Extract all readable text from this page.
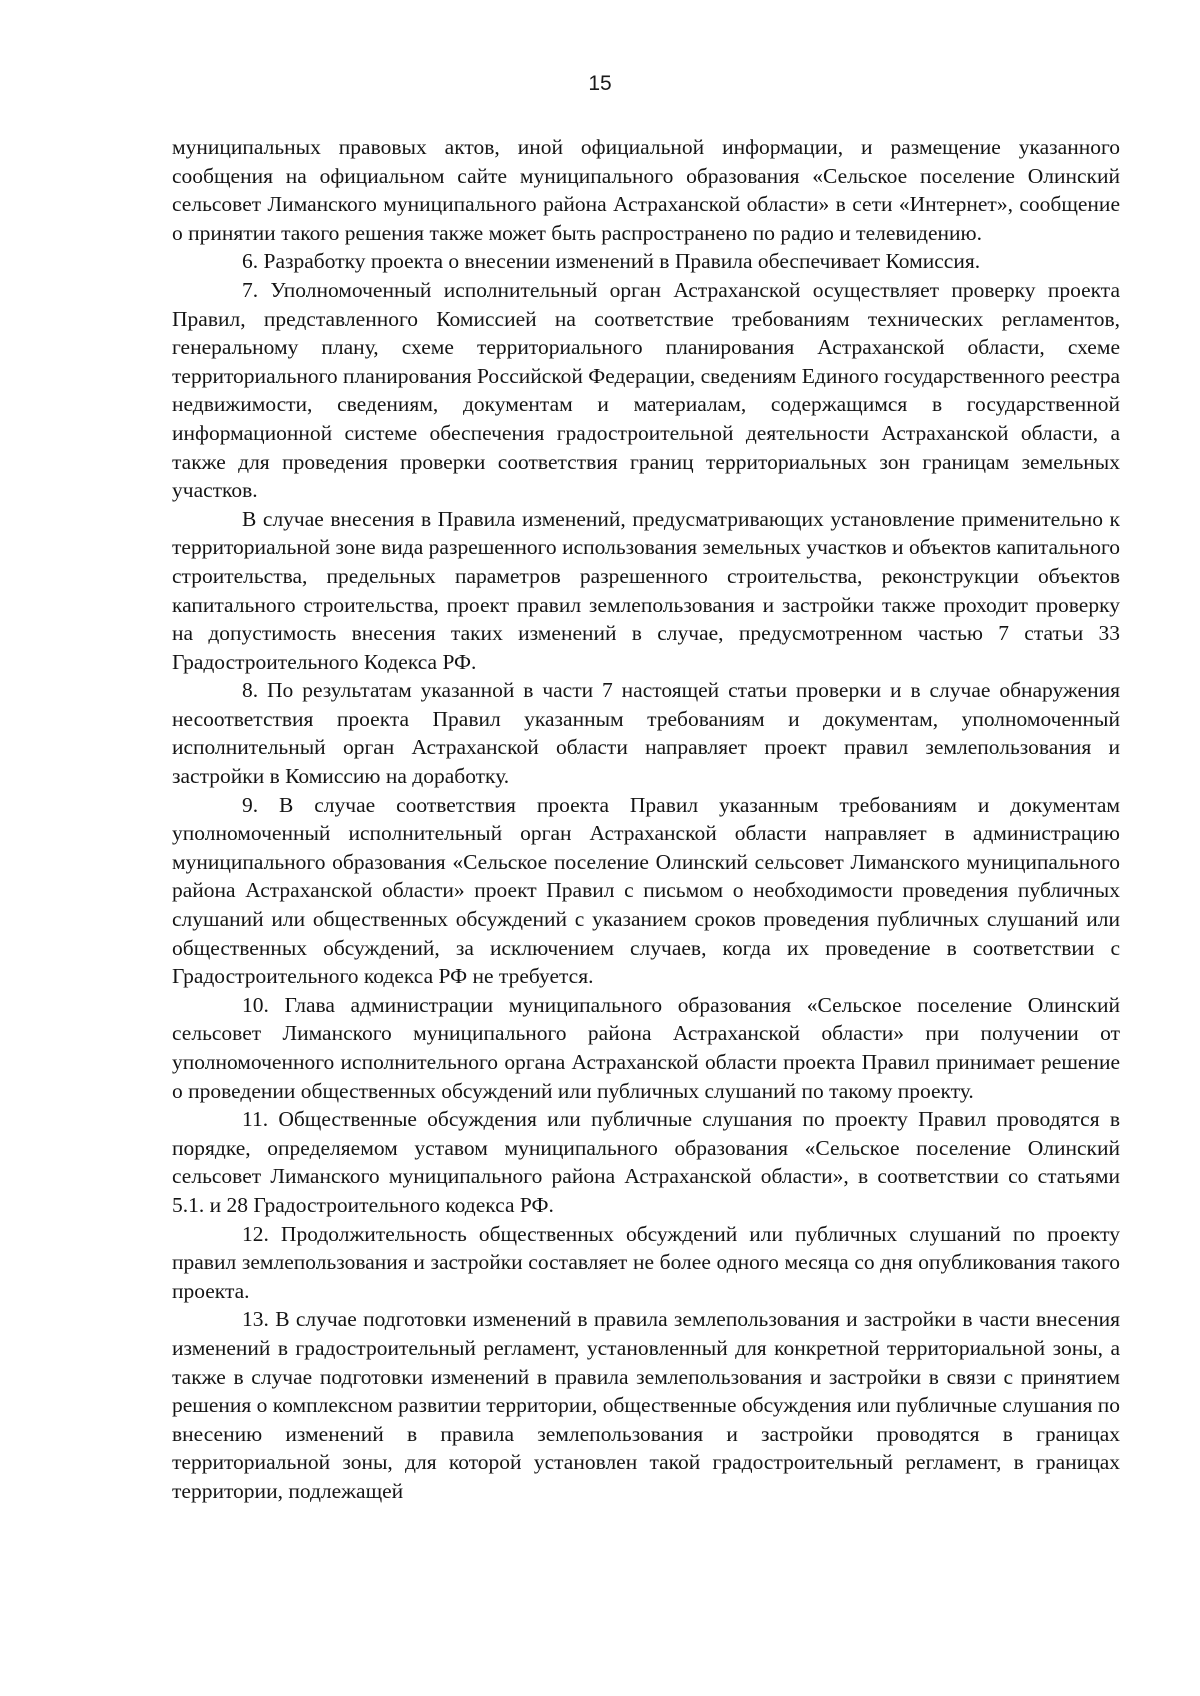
15

муниципальных правовых актов, иной официальной информации, и размещение указанного сообщения на официальном сайте муниципального образования «Сельское поселение Олинский сельсовет Лиманского муниципального района Астраханской области» в сети «Интернет», сообщение о принятии такого решения также может быть распространено по радио и телевидению.

6. Разработку проекта о внесении изменений в Правила обеспечивает Комиссия.

7. Уполномоченный исполнительный орган Астраханской осуществляет проверку проекта Правил, представленного Комиссией на соответствие требованиям технических регламентов, генеральному плану, схеме территориального планирования Астраханской области, схеме территориального планирования Российской Федерации, сведениям Единого государственного реестра недвижимости, сведениям, документам и материалам, содержащимся в государственной информационной системе обеспечения градостроительной деятельности Астраханской области, а также для проведения проверки соответствия границ территориальных зон границам земельных участков.

В случае внесения в Правила изменений, предусматривающих установление применительно к территориальной зоне вида разрешенного использования земельных участков и объектов капитального строительства, предельных параметров разрешенного строительства, реконструкции объектов капитального строительства, проект правил землепользования и застройки также проходит проверку на допустимость внесения таких изменений в случае, предусмотренном частью 7 статьи 33 Градостроительного Кодекса РФ.

8. По результатам указанной в части 7 настоящей статьи проверки и в случае обнаружения несоответствия проекта Правил указанным требованиям и документам, уполномоченный исполнительный орган Астраханской области направляет проект правил землепользования и застройки в Комиссию на доработку.

9. В случае соответствия проекта Правил указанным требованиям и документам уполномоченный исполнительный орган Астраханской области направляет в администрацию муниципального образования «Сельское поселение Олинский сельсовет Лиманского муниципального района Астраханской области» проект Правил с письмом о необходимости проведения публичных слушаний или общественных обсуждений с указанием сроков проведения публичных слушаний или общественных обсуждений, за исключением случаев, когда их проведение в соответствии с Градостроительного кодекса РФ не требуется.

10. Глава администрации муниципального образования «Сельское поселение Олинский сельсовет Лиманского муниципального района Астраханской области» при получении от уполномоченного исполнительного органа Астраханской области проекта Правил принимает решение о проведении общественных обсуждений или публичных слушаний по такому проекту.

11. Общественные обсуждения или публичные слушания по проекту Правил проводятся в порядке, определяемом уставом муниципального образования «Сельское поселение Олинский сельсовет Лиманского муниципального района Астраханской области», в соответствии со статьями 5.1. и 28 Градостроительного кодекса РФ.

12. Продолжительность общественных обсуждений или публичных слушаний по проекту правил землепользования и застройки составляет не более одного месяца со дня опубликования такого проекта.

13. В случае подготовки изменений в правила землепользования и застройки в части внесения изменений в градостроительный регламент, установленный для конкретной территориальной зоны, а также в случае подготовки изменений в правила землепользования и застройки в связи с принятием решения о комплексном развитии территории, общественные обсуждения или публичные слушания по внесению изменений в правила землепользования и застройки проводятся в границах территориальной зоны, для которой установлен такой градостроительный регламент, в границах территории, подлежащей
